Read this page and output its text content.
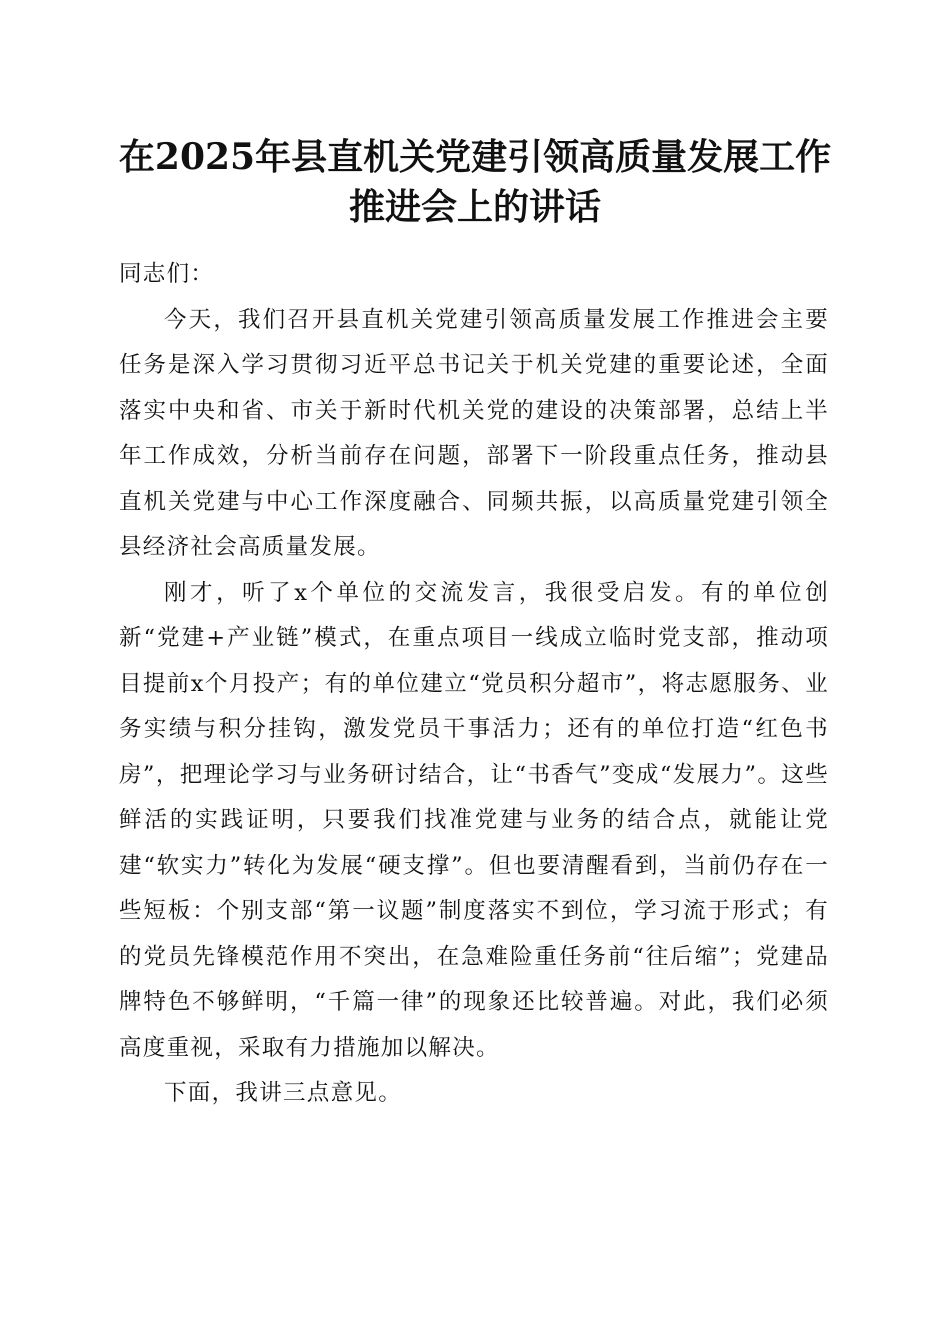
在2025年县直机关党建引领高质量发展工作
推进会上的讲话

同志们：

今天，我们召开县直机关党建引领高质量发展工作推进会主要任务是深入学习贯彻习近平总书记关于机关党建的重要论述，全面落实中央和省、市关于新时代机关党的建设的决策部署，总结上半年工作成效，分析当前存在问题，部署下一阶段重点任务，推动县直机关党建与中心工作深度融合、同频共振，以高质量党建引领全县经济社会高质量发展。

刚才，听了x个单位的交流发言，我很受启发。有的单位创新“党建+产业链”模式，在重点项目一线成立临时党支部，推动项目提前x个月投产；有的单位建立“党员积分超市”，将志愿服务、业务实绩与积分挂钩，激发党员干事活力；还有的单位打造“红色书房”，把理论学习与业务研讨结合，让“书香气”变成“发展力”。这些鲜活的实践证明，只要我们找准党建与业务的结合点，就能让党建“软实力”转化为发展“硬支撑”。但也要清醒看到，当前仍存在一些短板：个别支部“第一议题”制度落实不到位，学习流于形式；有的党员先锋模范作用不突出，在急难险重任务前“往后缩”；党建品牌特色不够鲜明，“千篇一律”的现象还比较普遍。对此，我们必须高度重视，采取有力措施加以解决。

下面，我讲三点意见。
